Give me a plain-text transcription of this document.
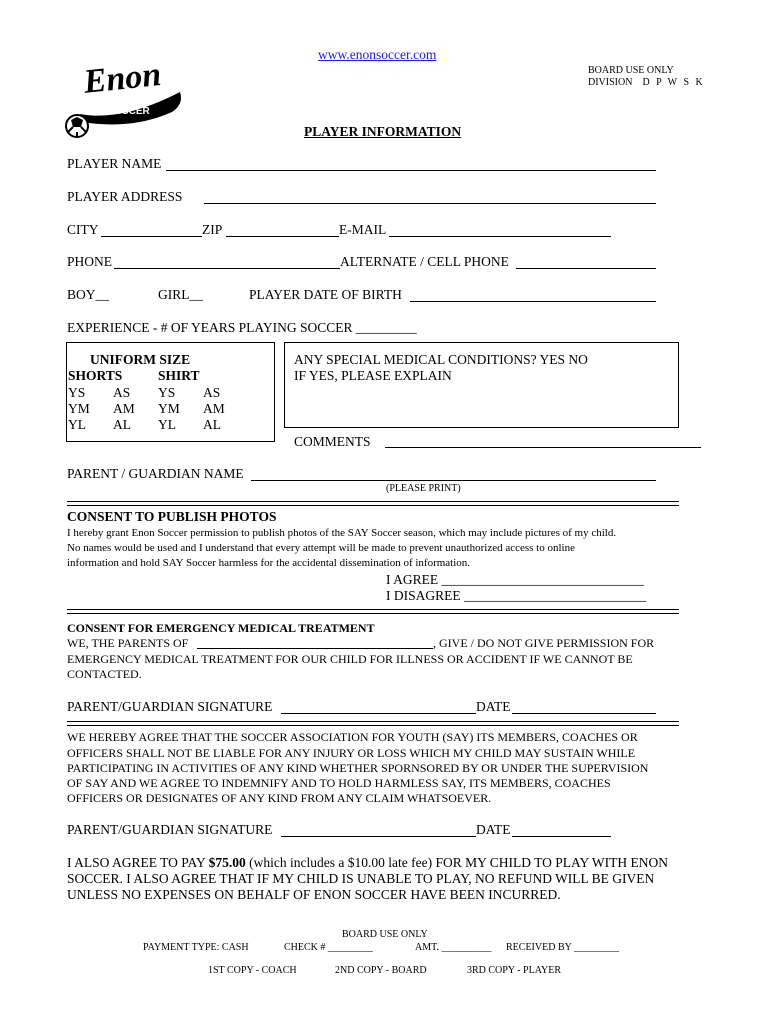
www.enonsoccer.com
BOARD USE ONLY
DIVISION D P W S K
Enon
SOCCER
PLAYER INFORMATION
PLAYER NAME
PLAYER ADDRESS
CITY	ZIP	E-MAIL
PHONE	ALTERNATE / CELL PHONE
BOY__	GIRL__	PLAYER DATE OF BIRTH
EXPERIENCE - # OF YEARS PLAYING SOCCER _________
UNIFORM SIZE
SHORTS	SHIRT
YS AS YS AS
YM AM YM AM
YL AL YL AL
ANY SPECIAL MEDICAL CONDITIONS? YES NO
IF YES, PLEASE EXPLAIN
COMMENTS
PARENT / GUARDIAN NAME
(PLEASE PRINT)
CONSENT TO PUBLISH PHOTOS
I hereby grant Enon Soccer permission to publish photos of the SAY Soccer season, which may include pictures of my child.
No names would be used and I understand that every attempt will be made to prevent unauthorized access to online
information and hold SAY Soccer harmless for the accidental dissemination of information.
I AGREE ______________________________
I DISAGREE ___________________________
CONSENT FOR EMERGENCY MEDICAL TREATMENT
WE, THE PARENTS OF	, GIVE / DO NOT GIVE PERMISSION FOR
EMERGENCY MEDICAL TREATMENT FOR OUR CHILD FOR ILLNESS OR ACCIDENT IF WE CANNOT BE
CONTACTED.
PARENT/GUARDIAN SIGNATURE	DATE
WE HEREBY AGREE THAT THE SOCCER ASSOCIATION FOR YOUTH (SAY) ITS MEMBERS, COACHES OR
OFFICERS SHALL NOT BE LIABLE FOR ANY INJURY OR LOSS WHICH MY CHILD MAY SUSTAIN WHILE
PARTICIPATING IN ACTIVITIES OF ANY KIND WHETHER SPORNSORED BY OR UNDER THE SUPERVISION
OF SAY AND WE AGREE TO INDEMNIFY AND TO HOLD HARMLESS SAY, ITS MEMBERS, COACHES
OFFICERS OR DESIGNATES OF ANY KIND FROM ANY CLAIM WHATSOEVER.
PARENT/GUARDIAN SIGNATURE	DATE
I ALSO AGREE TO PAY $75.00 (which includes a $10.00 late fee) FOR MY CHILD TO PLAY WITH ENON
SOCCER. I ALSO AGREE THAT IF MY CHILD IS UNABLE TO PLAY, NO REFUND WILL BE GIVEN
UNLESS NO EXPENSES ON BEHALF OF ENON SOCCER HAVE BEEN INCURRED.
BOARD USE ONLY
PAYMENT TYPE: CASH	CHECK # _________	AMT. __________ RECEIVED BY _________
1ST COPY - COACH	2ND COPY - BOARD	3RD COPY - PLAYER
